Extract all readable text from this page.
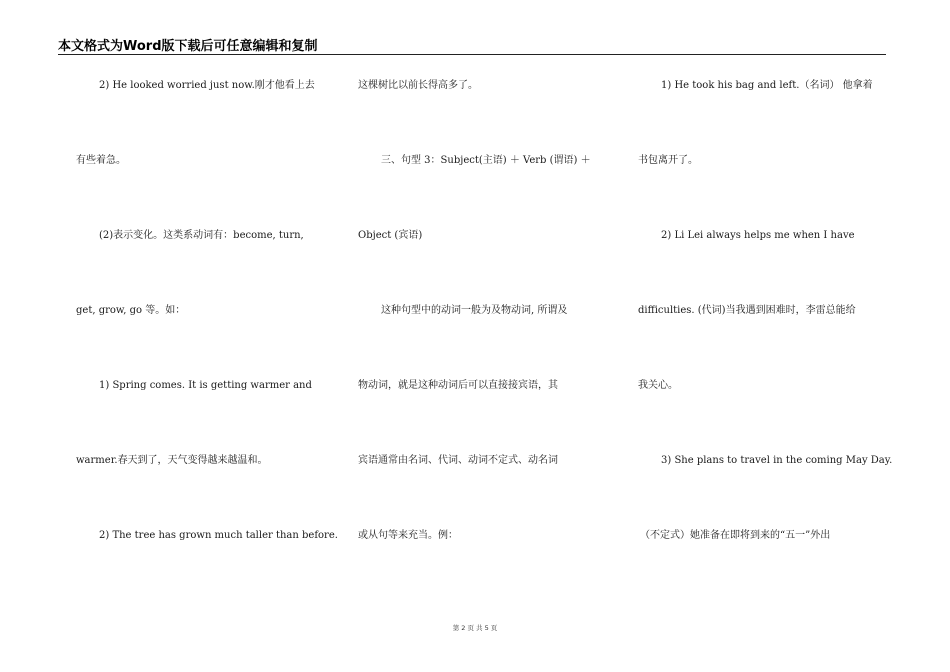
本文格式为Word版下载后可任意编辑和复制
2) He looked worried just now.刚才他看上去
有些着急。
(2)表示变化。这类系动词有：become, turn,
get, grow, go 等。如：
1) Spring comes. It is getting warmer and
warmer.春天到了，天气变得越来越温和。
2) The tree has grown much taller than before.
这棵树比以前长得高多了。
三、句型 3：Subject(主语) ＋ Verb (谓语) ＋
Object (宾语)
这种句型中的动词一般为及物动词, 所谓及
物动词，就是这种动词后可以直接接宾语，其
宾语通常由名词、代词、动词不定式、动名词
或从句等来充当。例：
1) He took his bag and left.（名词） 他拿着
书包离开了。
2) Li Lei always helps me when I have
difficulties. (代词)当我遇到困难时，李雷总能给
我关心。
3) She plans to travel in the coming May Day.
（不定式）她准备在即将到来的“五一”外出
第 2 页 共 5 页
